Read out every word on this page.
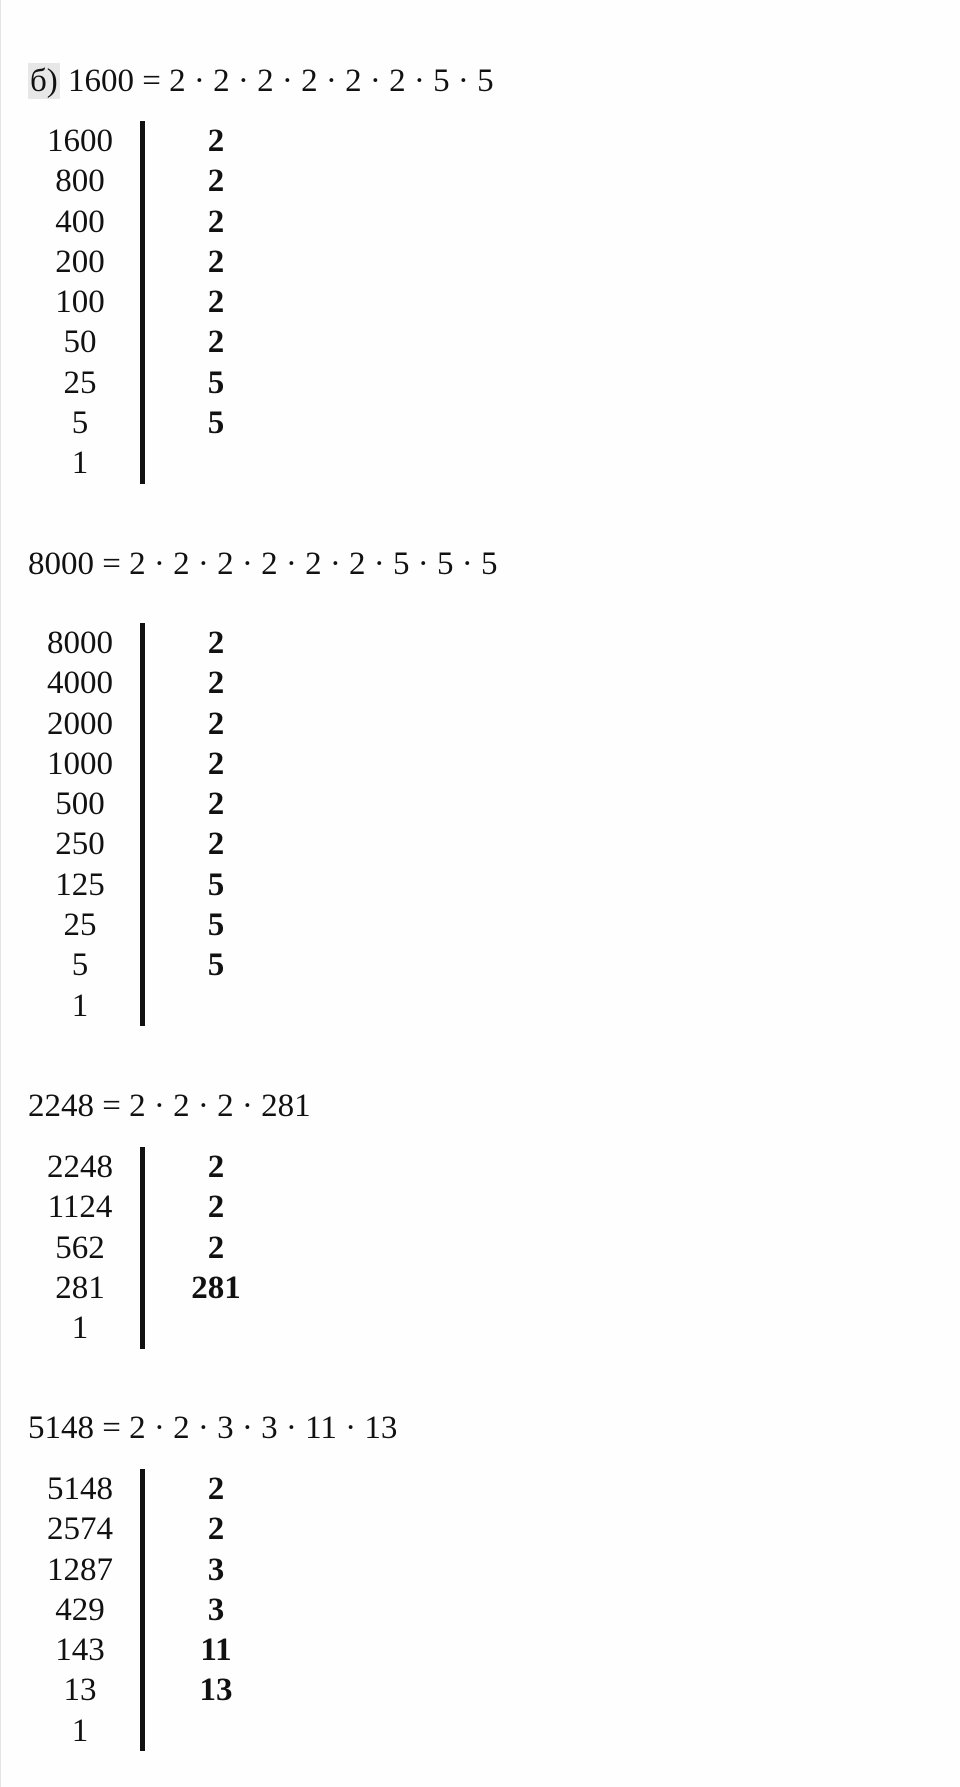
б) 1600 = 2 · 2 · 2 · 2 · 2 · 2 · 5 · 5
1600	2
800	2
400	2
200	2
100	2
50	2
25	5
5	5
1
8000 = 2 · 2 · 2 · 2 · 2 · 2 · 5 · 5 · 5
8000	2
4000	2
2000	2
1000	2
500	2
250	2
125	5
25	5
5	5
1
2248 = 2 · 2 · 2 · 281
2248	2
1124	2
562	2
281	281
1
5148 = 2 · 2 · 3 · 3 · 11 · 13
5148	2
2574	2
1287	3
429	3
143	11
13	13
1
